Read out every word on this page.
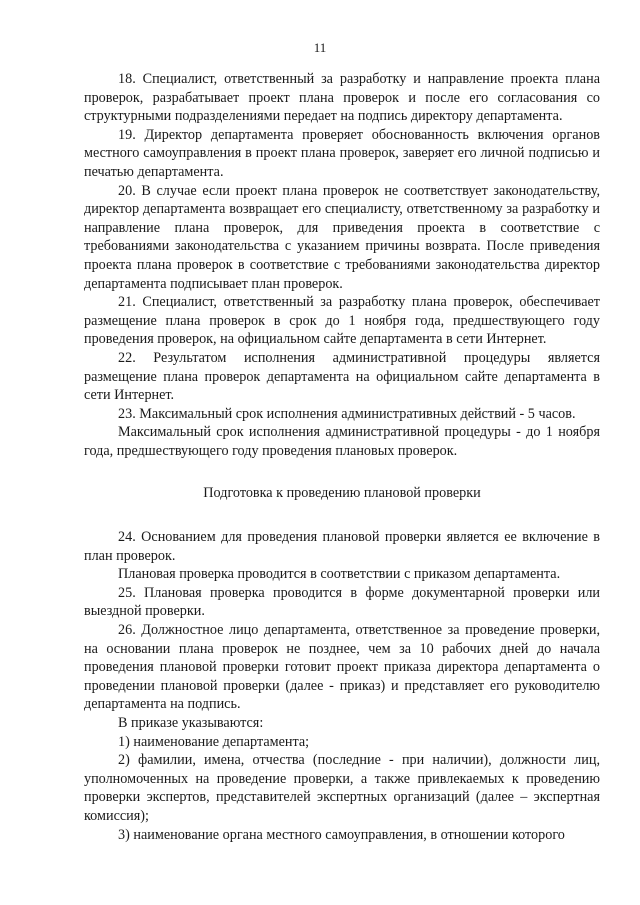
11

18. Специалист, ответственный за разработку и направление проекта плана проверок, разрабатывает проект плана проверок и после его согласования со структурными подразделениями передает на подпись директору департамента.

19. Директор департамента проверяет обоснованность включения органов местного самоуправления в проект плана проверок, заверяет его личной подписью и печатью департамента.

20. В случае если проект плана проверок не соответствует законодательству, директор департамента возвращает его специалисту, ответственному за разработку и направление плана проверок, для приведения проекта в соответствие с требованиями законодательства с указанием причины возврата. После приведения проекта плана проверок в соответствие с требованиями законодательства директор департамента подписывает план проверок.

21. Специалист, ответственный за разработку плана проверок, обеспечивает размещение плана проверок в срок до 1 ноября года, предшествующего году проведения проверок, на официальном сайте департамента в сети Интернет.

22. Результатом исполнения административной процедуры является размещение плана проверок департамента на официальном сайте департамента в сети Интернет.

23. Максимальный срок исполнения административных действий - 5 часов.

Максимальный срок исполнения административной процедуры - до 1 ноября года, предшествующего году проведения плановых проверок.

Подготовка к проведению плановой проверки

24. Основанием для проведения плановой проверки является ее включение в план проверок.

Плановая проверка проводится в соответствии с приказом департамента.

25. Плановая проверка проводится в форме документарной проверки или выездной проверки.

26. Должностное лицо департамента, ответственное за проведение проверки, на основании плана проверок не позднее, чем за 10 рабочих дней до начала проведения плановой проверки готовит проект приказа директора департамента о проведении плановой проверки (далее - приказ) и представляет его руководителю департамента на подпись.

В приказе указываются:

1) наименование департамента;

2) фамилии, имена, отчества (последние - при наличии), должности лиц, уполномоченных на проведение проверки, а также привлекаемых к проведению проверки экспертов, представителей экспертных организаций (далее – экспертная комиссия);

3) наименование органа местного самоуправления, в отношении которого
